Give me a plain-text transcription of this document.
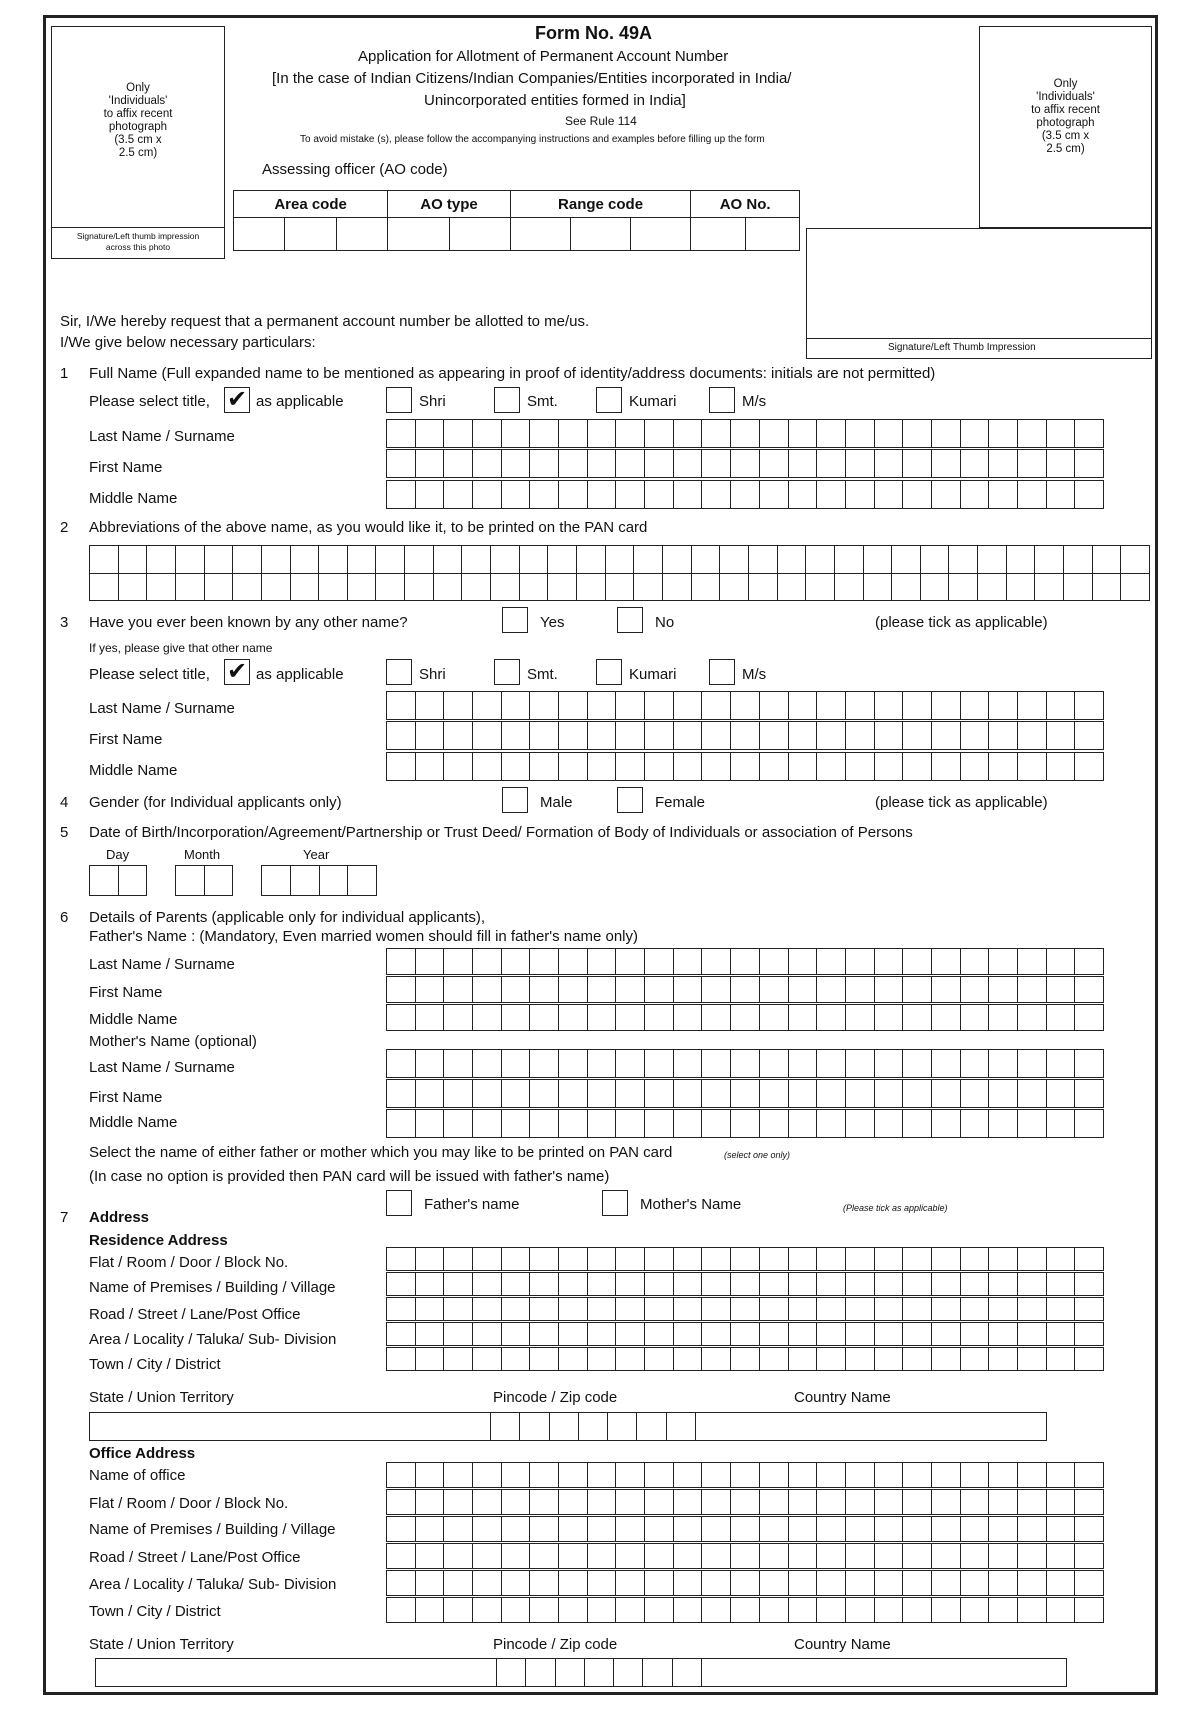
Form No. 49A
Application for Allotment of Permanent Account Number
[In the case of Indian Citizens/Indian Companies/Entities incorporated in India/
Unincorporated entities formed in India]
See Rule 114
To avoid mistake (s), please follow the accompanying instructions and examples before filling up the form
Assessing officer (AO code)
Area code			AO type		Range code			AO No.	

Only
'Individuals'
to affix recent
photograph
(3.5 cm x
2.5 cm)
Signature/Left thumb impression
across this photo
Only
'Individuals'
to affix recent
photograph
(3.5 cm x
2.5 cm)
Signature/Left Thumb Impression
Sir, I/We hereby request that a permanent account number be allotted to me/us.
I/We give below necessary particulars:
1 Full Name (Full expanded name to be mentioned as appearing in proof of identity/address documents: initials are not permitted)
Please select title, ✔	as applicable	Shri	Smt.	Kumari	M/s
Last Name / Surname
First Name
Middle Name
2 Abbreviations of the above name, as you would like it, to be printed on the PAN card
3 Have you ever been known by any other name?	Yes	No	(please tick as applicable)
If yes, please give that other name
Please select title, ✔	as applicable	Shri	Smt.	Kumari	M/s
Last Name / Surname
First Name
Middle Name
4 Gender (for Individual applicants only)	Male	Female	(please tick as applicable)
5 Date of Birth/Incorporation/Agreement/Partnership or Trust Deed/ Formation of Body of Individuals or association of Persons
Day	Month	Year
6 Details of Parents (applicable only for individual applicants),
Father's Name : (Mandatory, Even married women should fill in father's name only)
Last Name / Surname
First Name
Middle Name
Mother's Name (optional)
Last Name / Surname
First Name
Middle Name
Select the name of either father or mother which you may like to be printed on PAN card	(select one only)
(In case no option is provided then PAN card will be issued with father's name)
Father's name	Mother's Name	(Please tick as applicable)
7 Address
Residence Address
Flat / Room / Door / Block No.
Name of Premises / Building / Village
Road / Street / Lane/Post Office
Area / Locality / Taluka/ Sub- Division
Town / City / District
State / Union Territory	Pincode / Zip code	Country Name
Office Address
Name of office
Flat / Room / Door / Block No.
Name of Premises / Building / Village
Road / Street / Lane/Post Office
Area / Locality / Taluka/ Sub- Division
Town / City / District
State / Union Territory	Pincode / Zip code	Country Name
